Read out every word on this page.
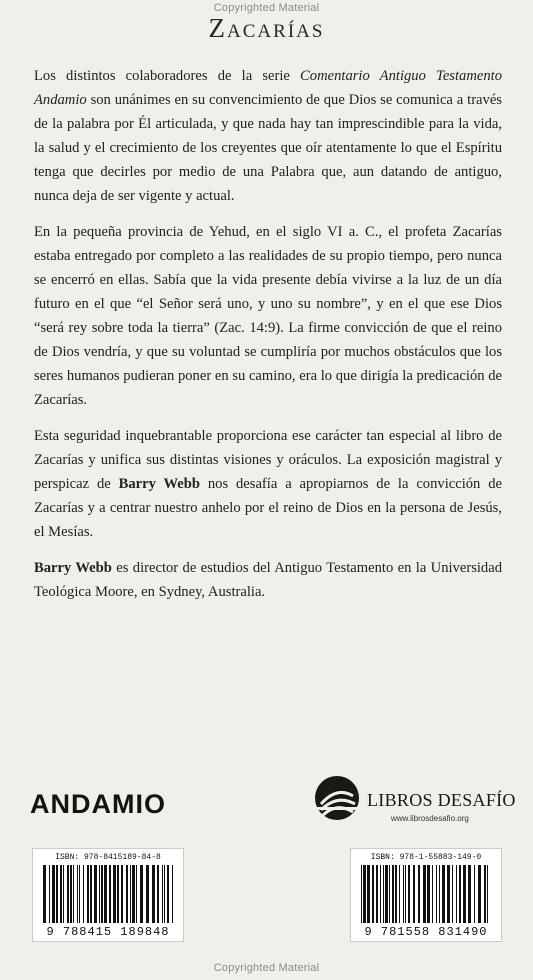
Copyrighted Material
Zacarías

Los distintos colaboradores de la serie Comentario Antiguo Testamento Andamio son unánimes en su convencimiento de que Dios se comunica a través de la palabra por Él articulada, y que nada hay tan imprescindible para la vida, la salud y el crecimiento de los creyentes que oír atentamente lo que el Espíritu tenga que decirles por medio de una Palabra que, aun datando de antiguo, nunca deja de ser vigente y actual.

En la pequeña provincia de Yehud, en el siglo VI a. C., el profeta Zacarías estaba entregado por completo a las realidades de su propio tiempo, pero nunca se encerró en ellas. Sabía que la vida presente debía vivirse a la luz de un día futuro en el que “el Señor será uno, y uno su nombre”, y en el que ese Dios “será rey sobre toda la tierra” (Zac. 14:9). La firme convicción de que el reino de Dios vendría, y que su voluntad se cumpliría por muchos obstáculos que los seres humanos pudieran poner en su camino, era lo que dirigía la predicación de Zacarías.

Esta seguridad inquebrantable proporciona ese carácter tan especial al libro de Zacarías y unifica sus distintas visiones y oráculos. La exposición magistral y perspicaz de Barry Webb nos desafía a apropiarnos de la convicción de Zacarías y a centrar nuestro anhelo por el reino de Dios en la persona de Jesús, el Mesías.

Barry Webb es director de estudios del Antiguo Testamento en la Universidad Teológica Moore, en Sydney, Australia.

ANDAMIO	LIBROS DESAFÍO
www.librosdesafio.org
ISBN: 978-8415189-84-8
9 788415 189848
ISBN: 978-1-55883-149-0
9 781558 831490
Copyrighted Material
